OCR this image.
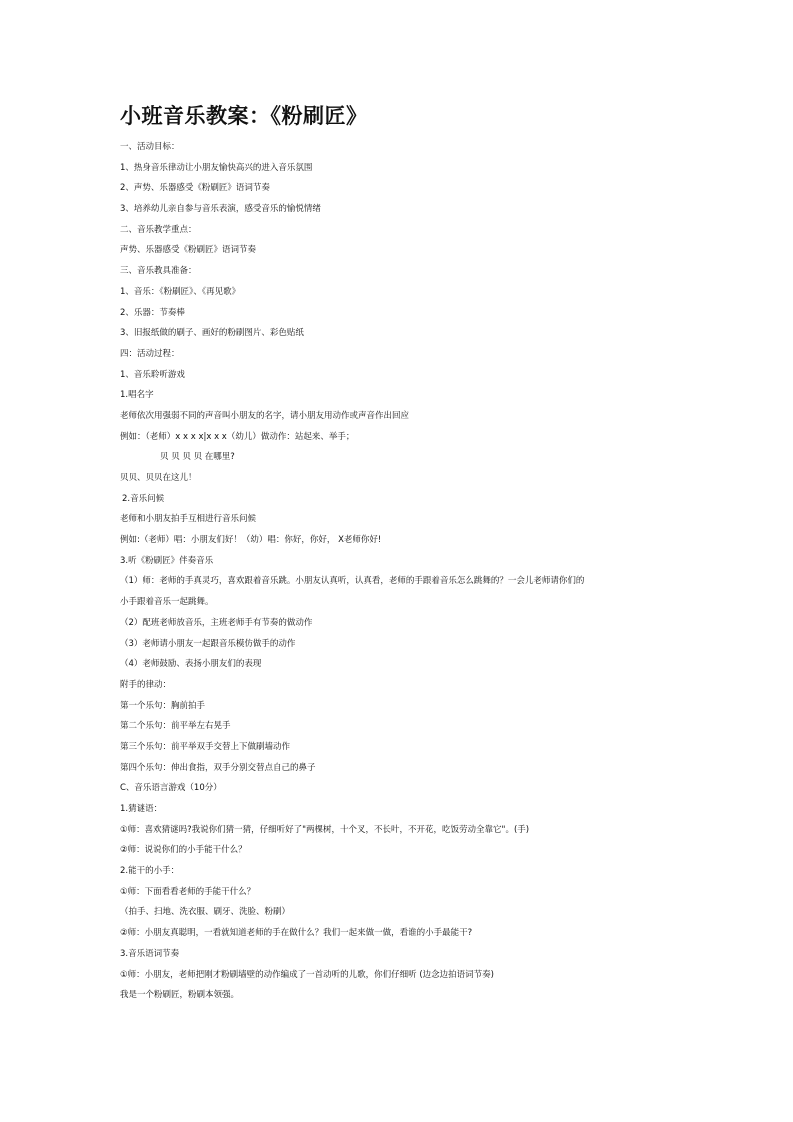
小班音乐教案：《粉刷匠》
一、活动目标：
1、热身音乐律动让小朋友愉快高兴的进入音乐氛围
2、声势、乐器感受《粉刷匠》语词节奏
3、培养幼儿亲自参与音乐表演，感受音乐的愉悦情绪
二、音乐教学重点：
声势、乐器感受《粉刷匠》语词节奏
三、音乐教具准备：
1、音乐：《粉刷匠》、《再见歌》
2、乐器：节奏棒
3、旧报纸做的刷子、画好的粉刷图片、彩色贴纸
四：活动过程：
1、音乐聆听游戏
1.唱名字
老师依次用强弱不同的声音叫小朋友的名字，请小朋友用动作或声音作出回应
例如：（老师）x x x x|x x x（幼儿）做动作：站起来、举手；
贝 贝 贝 贝 在哪里?
贝贝、贝贝在这儿！
2.音乐问候
老师和小朋友拍手互相进行音乐问候
例如:（老师）唱：小朋友们好！（幼）唱：你好，你好， X老师你好!
3.听《粉刷匠》伴奏音乐
（1）师：老师的手真灵巧，喜欢跟着音乐跳。小朋友认真听，认真看，老师的手跟着音乐怎么跳舞的？一会儿老师请你们的小手跟着音乐一起跳舞。
（2）配班老师放音乐，主班老师手有节奏的做动作
（3）老师请小朋友一起跟音乐模仿做手的动作
（4）老师鼓励、表扬小朋友们的表现
附手的律动：
第一个乐句：胸前拍手
第二个乐句：前平举左右晃手
第三个乐句：前平举双手交替上下做刷墙动作
第四个乐句：伸出食指，双手分别交替点自己的鼻子
C、音乐语言游戏（10分）
1.猜谜语：
①师：喜欢猜谜吗?我说你们猜一猜，仔细听好了"两棵树，十个叉，不长叶，不开花，吃饭劳动全靠它"。(手)
②师：说说你们的小手能干什么？
2.能干的小手：
①师：下面看看老师的手能干什么？
（拍手、扫地、洗衣服、刷牙、洗脸、粉刷）
②师：小朋友真聪明，一看就知道老师的手在做什么？我们一起来做一做，看谁的小手最能干?
3.音乐语词节奏
①师：小朋友，老师把刚才粉刷墙壁的动作编成了一首动听的儿歌，你们仔细听 (边念边拍语词节奏)
我是一个粉刷匠，粉刷本领强。
